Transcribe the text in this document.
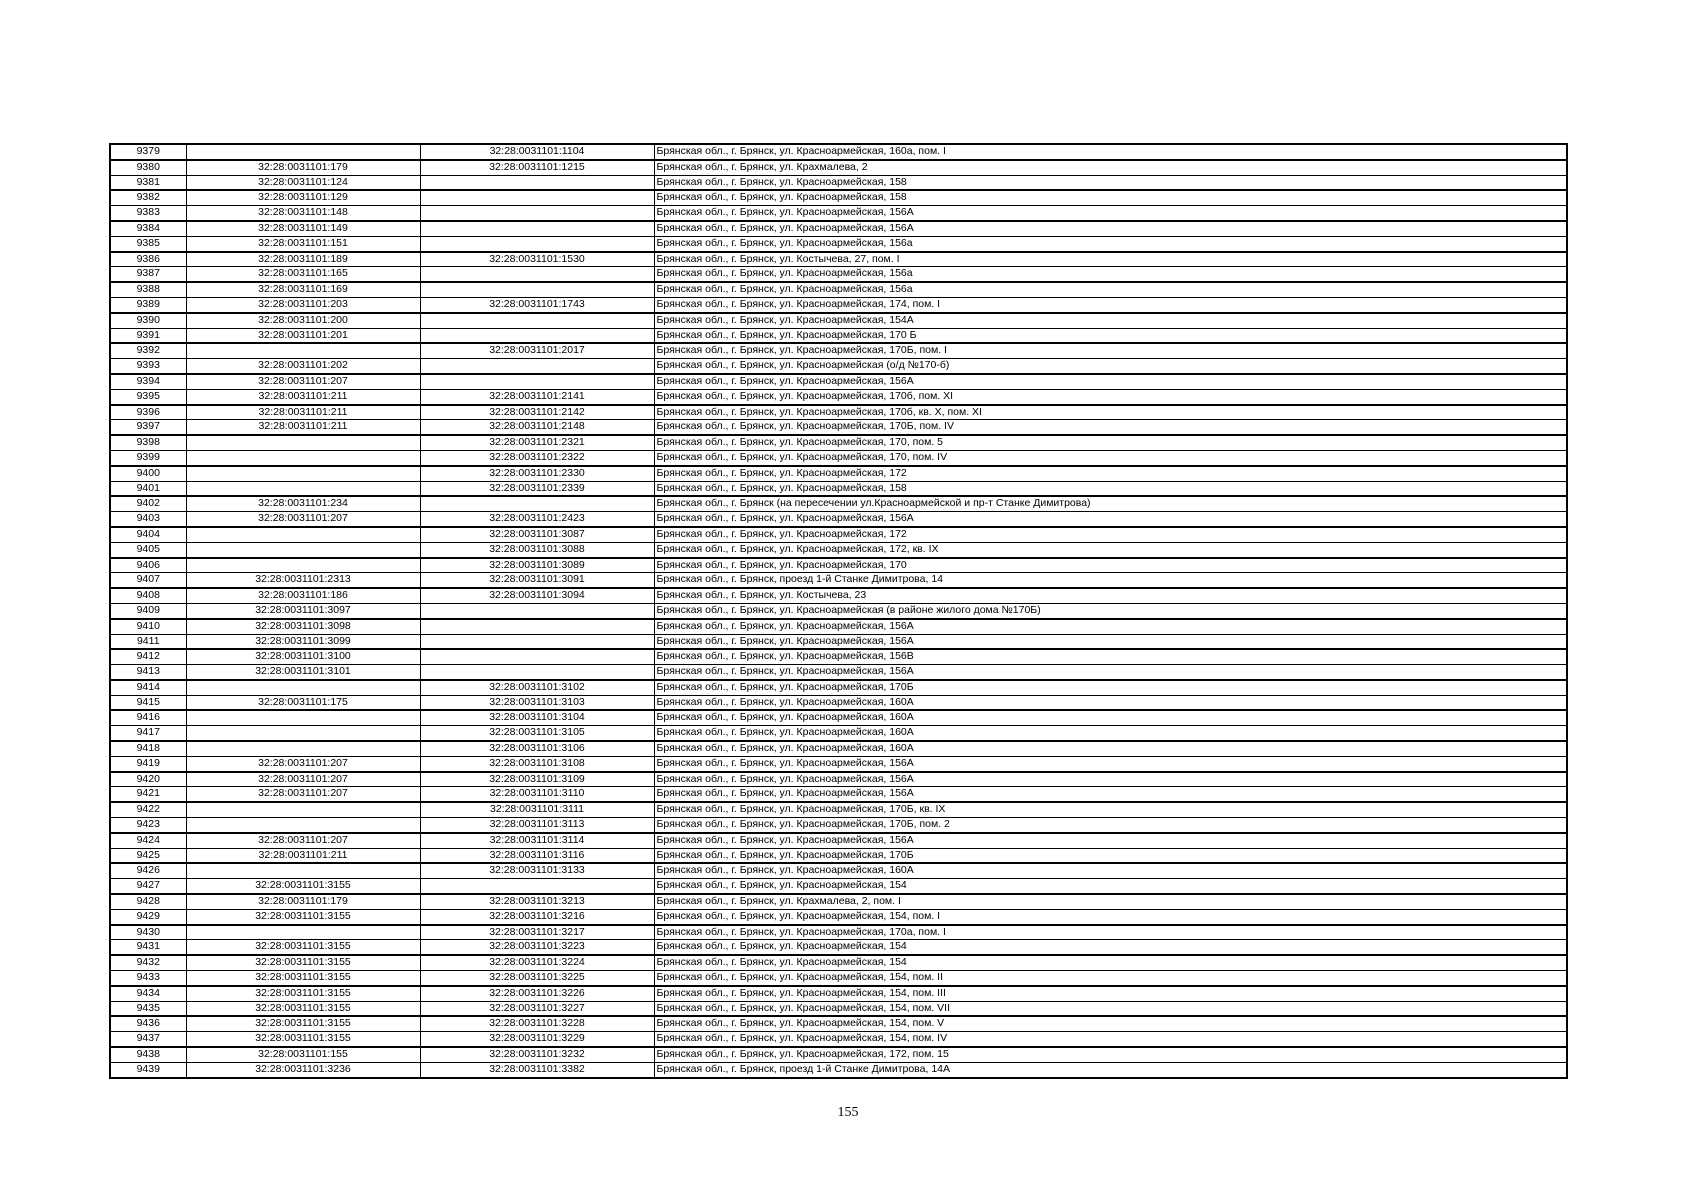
9379		32:28:0031101:1104	Брянская обл., г. Брянск, ул. Красноармейская, 160а, пом. I
9380	32:28:0031101:179	32:28:0031101:1215	Брянская обл., г. Брянск, ул. Крахмалева, 2
9381	32:28:0031101:124		Брянская обл., г. Брянск, ул. Красноармейская, 158
9382	32:28:0031101:129		Брянская обл., г. Брянск, ул. Красноармейская, 158
9383	32:28:0031101:148		Брянская обл., г. Брянск, ул. Красноармейская, 156А
9384	32:28:0031101:149		Брянская обл., г. Брянск, ул. Красноармейская, 156А
9385	32:28:0031101:151		Брянская обл., г. Брянск, ул. Красноармейская, 156а
9386	32:28:0031101:189	32:28:0031101:1530	Брянская обл., г. Брянск, ул. Костычева, 27, пом. I
9387	32:28:0031101:165		Брянская обл., г. Брянск, ул. Красноармейская, 156а
9388	32:28:0031101:169		Брянская обл., г. Брянск, ул. Красноармейская, 156а
9389	32:28:0031101:203	32:28:0031101:1743	Брянская обл., г. Брянск, ул. Красноармейская, 174, пом. I
9390	32:28:0031101:200		Брянская обл., г. Брянск, ул. Красноармейская, 154А
9391	32:28:0031101:201		Брянская обл., г. Брянск, ул. Красноармейская, 170 Б
9392		32:28:0031101:2017	Брянская обл., г. Брянск, ул. Красноармейская, 170Б, пом. I
9393	32:28:0031101:202		Брянская обл., г. Брянск, ул. Красноармейская (о/д №170-б)
9394	32:28:0031101:207		Брянская обл., г. Брянск, ул. Красноармейская, 156А
9395	32:28:0031101:211	32:28:0031101:2141	Брянская обл., г. Брянск, ул. Красноармейская, 170б, пом. XI
9396	32:28:0031101:211	32:28:0031101:2142	Брянская обл., г. Брянск, ул. Красноармейская, 170б, кв. X, пом. XI
9397	32:28:0031101:211	32:28:0031101:2148	Брянская обл., г. Брянск, ул. Красноармейская, 170Б, пом. IV
9398		32:28:0031101:2321	Брянская обл., г. Брянск, ул. Красноармейская, 170, пом. 5
9399		32:28:0031101:2322	Брянская обл., г. Брянск, ул. Красноармейская, 170, пом. IV
9400		32:28:0031101:2330	Брянская обл., г. Брянск, ул. Красноармейская, 172
9401		32:28:0031101:2339	Брянская обл., г. Брянск, ул. Красноармейская, 158
9402	32:28:0031101:234		Брянская обл., г. Брянск (на пересечении ул.Красноармейской и пр-т Станке Димитрова)
9403	32:28:0031101:207	32:28:0031101:2423	Брянская обл., г. Брянск, ул. Красноармейская, 156А
9404		32:28:0031101:3087	Брянская обл., г. Брянск, ул. Красноармейская, 172
9405		32:28:0031101:3088	Брянская обл., г. Брянск, ул. Красноармейская, 172, кв. IX
9406		32:28:0031101:3089	Брянская обл., г. Брянск, ул. Красноармейская, 170
9407	32:28:0031101:2313	32:28:0031101:3091	Брянская обл., г. Брянск, проезд 1-й Станке Димитрова, 14
9408	32:28:0031101:186	32:28:0031101:3094	Брянская обл., г. Брянск, ул. Костычева, 23
9409	32:28:0031101:3097		Брянская обл., г. Брянск, ул. Красноармейская (в районе жилого дома №170Б)
9410	32:28:0031101:3098		Брянская обл., г. Брянск, ул. Красноармейская, 156А
9411	32:28:0031101:3099		Брянская обл., г. Брянск, ул. Красноармейская, 156А
9412	32:28:0031101:3100		Брянская обл., г. Брянск, ул. Красноармейская, 156В
9413	32:28:0031101:3101		Брянская обл., г. Брянск, ул. Красноармейская, 156А
9414		32:28:0031101:3102	Брянская обл., г. Брянск, ул. Красноармейская, 170Б
9415	32:28:0031101:175	32:28:0031101:3103	Брянская обл., г. Брянск, ул. Красноармейская, 160А
9416		32:28:0031101:3104	Брянская обл., г. Брянск, ул. Красноармейская, 160А
9417		32:28:0031101:3105	Брянская обл., г. Брянск, ул. Красноармейская, 160А
9418		32:28:0031101:3106	Брянская обл., г. Брянск, ул. Красноармейская, 160А
9419	32:28:0031101:207	32:28:0031101:3108	Брянская обл., г. Брянск, ул. Красноармейская, 156А
9420	32:28:0031101:207	32:28:0031101:3109	Брянская обл., г. Брянск, ул. Красноармейская, 156А
9421	32:28:0031101:207	32:28:0031101:3110	Брянская обл., г. Брянск, ул. Красноармейская, 156А
9422		32:28:0031101:3111	Брянская обл., г. Брянск, ул. Красноармейская, 170Б, кв. IX
9423		32:28:0031101:3113	Брянская обл., г. Брянск, ул. Красноармейская, 170Б, пом. 2
9424	32:28:0031101:207	32:28:0031101:3114	Брянская обл., г. Брянск, ул. Красноармейская, 156А
9425	32:28:0031101:211	32:28:0031101:3116	Брянская обл., г. Брянск, ул. Красноармейская, 170Б
9426		32:28:0031101:3133	Брянская обл., г. Брянск, ул. Красноармейская, 160А
9427	32:28:0031101:3155		Брянская обл., г. Брянск, ул. Красноармейская, 154
9428	32:28:0031101:179	32:28:0031101:3213	Брянская обл., г. Брянск, ул. Крахмалева, 2, пом. I
9429	32:28:0031101:3155	32:28:0031101:3216	Брянская обл., г. Брянск, ул. Красноармейская, 154, пом. I
9430		32:28:0031101:3217	Брянская обл., г. Брянск, ул. Красноармейская, 170а, пом. I
9431	32:28:0031101:3155	32:28:0031101:3223	Брянская обл., г. Брянск, ул. Красноармейская, 154
9432	32:28:0031101:3155	32:28:0031101:3224	Брянская обл., г. Брянск, ул. Красноармейская, 154
9433	32:28:0031101:3155	32:28:0031101:3225	Брянская обл., г. Брянск, ул. Красноармейская, 154, пом. II
9434	32:28:0031101:3155	32:28:0031101:3226	Брянская обл., г. Брянск, ул. Красноармейская, 154, пом. III
9435	32:28:0031101:3155	32:28:0031101:3227	Брянская обл., г. Брянск, ул. Красноармейская, 154, пом. VII
9436	32:28:0031101:3155	32:28:0031101:3228	Брянская обл., г. Брянск, ул. Красноармейская, 154, пом. V
9437	32:28:0031101:3155	32:28:0031101:3229	Брянская обл., г. Брянск, ул. Красноармейская, 154, пом. IV
9438	32:28:0031101:155	32:28:0031101:3232	Брянская обл., г. Брянск, ул. Красноармейская, 172, пом. 15
9439	32:28:0031101:3236	32:28:0031101:3382	Брянская обл., г. Брянск, проезд 1-й Станке Димитрова, 14А
155
